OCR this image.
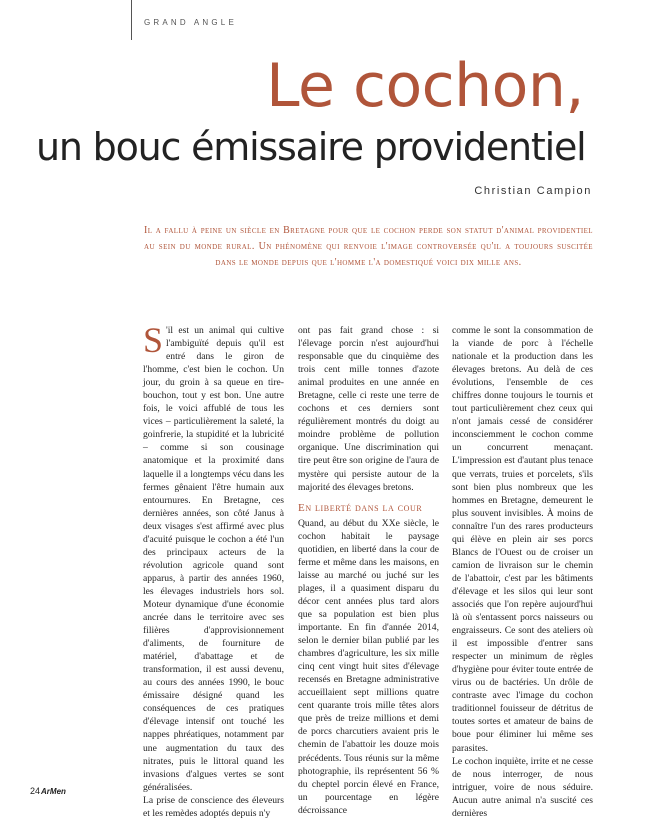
GRAND ANGLE
Le cochon,
un bouc émissaire providentiel
Christian Campion
Il a fallu à peine un siècle en Bretagne pour que le cochon perde son statut d'animal providentiel au sein du monde rural. Un phénomène qui renvoie l'image controversée qu'il a toujours suscitée dans le monde depuis que l'homme l'a domestiqué voici dix mille ans.

S 'il est un animal qui cultive l'ambiguïté depuis qu'il est entré dans le giron de l'homme, c'est bien le cochon. Un jour, du groin à sa queue en tire-bouchon, tout y est bon. Une autre fois, le voici affublé de tous les vices – particulièrement la saleté, la goinfrerie, la stupidité et la lubricité – comme si son cousinage anatomique et la proximité dans laquelle il a longtemps vécu dans les fermes gênaient l'être humain aux entournures. En Bretagne, ces dernières années, son côté Janus à deux visages s'est affirmé avec plus d'acuité puisque le cochon a été l'un des principaux acteurs de la révolution agricole quand sont apparus, à partir des années 1960, les élevages industriels hors sol. Moteur dynamique d'une économie ancrée dans le territoire avec ses filières d'approvisionnement d'aliments, de fourniture de matériel, d'abattage et de transformation, il est aussi devenu, au cours des années 1990, le bouc émissaire désigné quand les conséquences de ces pratiques d'élevage intensif ont touché les nappes phréatiques, notamment par une augmentation du taux des nitrates, puis le littoral quand les invasions d'algues vertes se sont généralisées.

La prise de conscience des éleveurs et les remèdes adoptés depuis n'y

ont pas fait grand chose : si l'élevage porcin n'est aujourd'hui responsable que du cinquième des trois cent mille tonnes d'azote animal produites en une année en Bretagne, celle ci reste une terre de cochons et ces derniers sont régulièrement montrés du doigt au moindre problème de pollution organique. Une discrimination qui tire peut être son origine de l'aura de mystère qui persiste autour de la majorité des élevages bretons.

En liberté dans la cour

Quand, au début du XXe siècle, le cochon habitait le paysage quotidien, en liberté dans la cour de ferme et même dans les maisons, en laisse au marché ou juché sur les plages, il a quasiment disparu du décor cent années plus tard alors que sa population est bien plus importante. En fin d'année 2014, selon le dernier bilan publié par les chambres d'agriculture, les six mille cinq cent vingt huit sites d'élevage recensés en Bretagne administrative accueillaient sept millions quatre cent quarante trois mille têtes alors que près de treize millions et demi de porcs charcutiers avaient pris le chemin de l'abattoir les douze mois précédents. Tous réunis sur la même photographie, ils représentent 56 % du cheptel porcin élevé en France, un pourcentage en légère décroissance

comme le sont la consommation de la viande de porc à l'échelle nationale et la production dans les élevages bretons. Au delà de ces évolutions, l'ensemble de ces chiffres donne toujours le tournis et tout particulièrement chez ceux qui n'ont jamais cessé de considérer inconsciemment le cochon comme un concurrent menaçant. L'impression est d'autant plus tenace que verrats, truies et porcelets, s'ils sont bien plus nombreux que les hommes en Bretagne, demeurent le plus souvent invisibles. À moins de connaître l'un des rares producteurs qui élève en plein air ses porcs Blancs de l'Ouest ou de croiser un camion de livraison sur le chemin de l'abattoir, c'est par les bâtiments d'élevage et les silos qui leur sont associés que l'on repère aujourd'hui là où s'entassent porcs naisseurs ou engraisseurs. Ce sont des ateliers où il est impossible d'entrer sans respecter un minimum de règles d'hygiène pour éviter toute entrée de virus ou de bactéries. Un drôle de contraste avec l'image du cochon traditionnel fouisseur de détritus de toutes sortes et amateur de bains de boue pour éliminer lui même ses parasites.

Le cochon inquiète, irrite et ne cesse de nous interroger, de nous intriguer, voire de nous séduire. Aucun autre animal n'a suscité ces dernières

24ArMen
